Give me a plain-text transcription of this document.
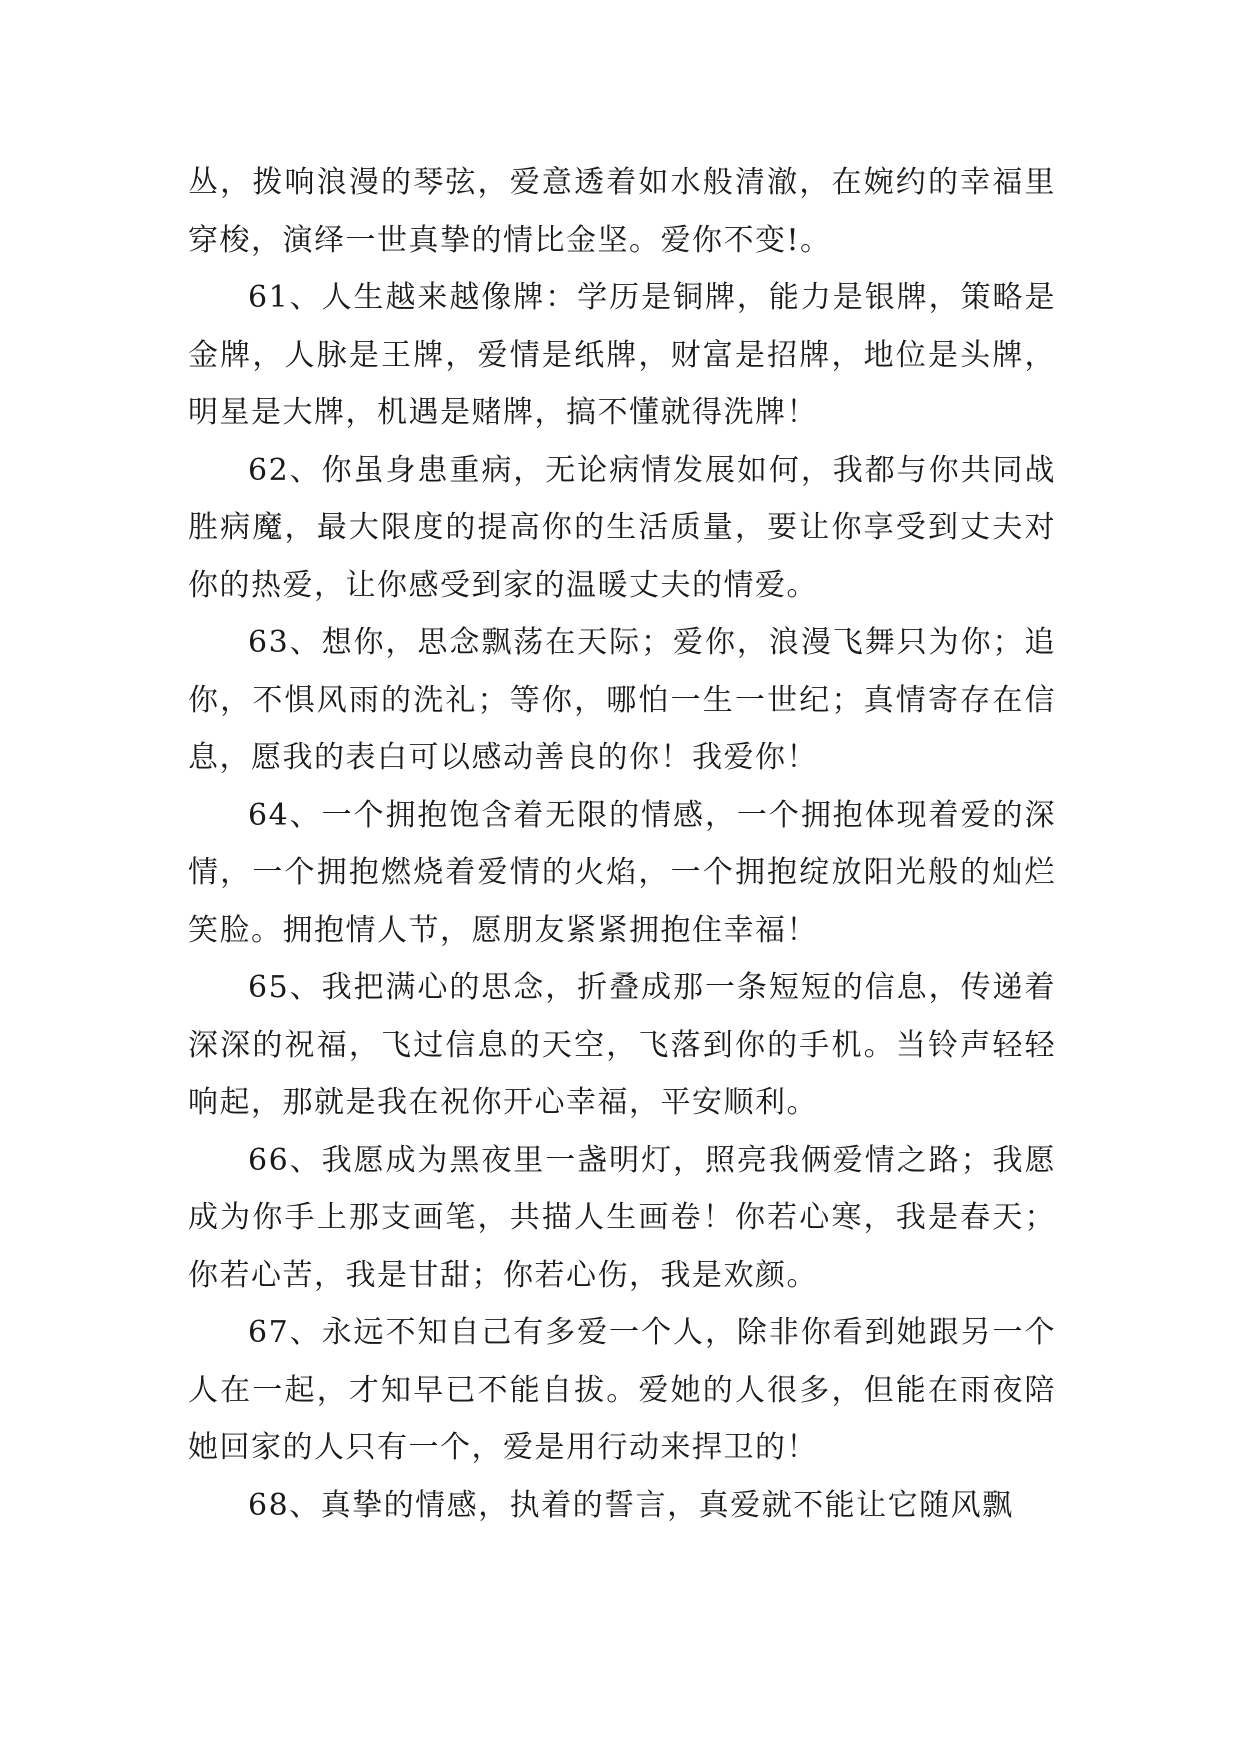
丛，拨响浪漫的琴弦，爱意透着如水般清澈，在婉约的幸福里穿梭，演绎一世真挚的情比金坚。爱你不变!。

61、人生越来越像牌：学历是铜牌，能力是银牌，策略是金牌，人脉是王牌，爱情是纸牌，财富是招牌，地位是头牌，明星是大牌，机遇是赌牌，搞不懂就得洗牌！

62、你虽身患重病，无论病情发展如何，我都与你共同战胜病魔，最大限度的提高你的生活质量，要让你享受到丈夫对你的热爱，让你感受到家的温暖丈夫的情爱。

63、想你，思念飘荡在天际；爱你，浪漫飞舞只为你；追你，不惧风雨的洗礼；等你，哪怕一生一世纪；真情寄存在信息，愿我的表白可以感动善良的你！我爱你！

64、一个拥抱饱含着无限的情感，一个拥抱体现着爱的深情，一个拥抱燃烧着爱情的火焰，一个拥抱绽放阳光般的灿烂笑脸。拥抱情人节，愿朋友紧紧拥抱住幸福！

65、我把满心的思念，折叠成那一条短短的信息，传递着深深的祝福，飞过信息的天空，飞落到你的手机。当铃声轻轻响起，那就是我在祝你开心幸福，平安顺利。

66、我愿成为黑夜里一盏明灯，照亮我俩爱情之路；我愿成为你手上那支画笔，共描人生画卷！你若心寒，我是春天；你若心苦，我是甘甜；你若心伤，我是欢颜。

67、永远不知自己有多爱一个人，除非你看到她跟另一个人在一起，才知早已不能自拔。爱她的人很多，但能在雨夜陪她回家的人只有一个，爱是用行动来捍卫的！

68、真挚的情感，执着的誓言，真爱就不能让它随风飘
